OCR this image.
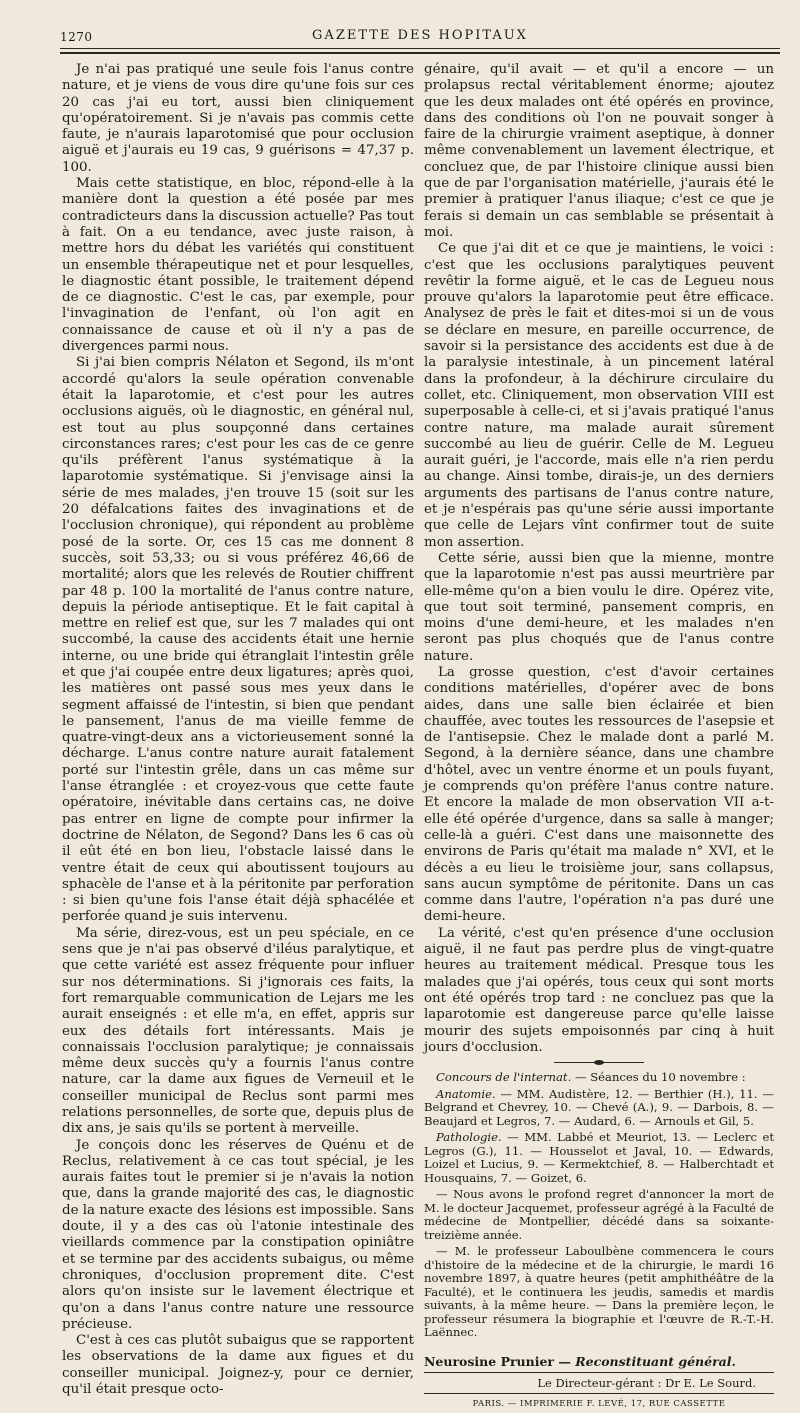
1270	GAZETTE DES HOPITAUX

Je n'ai pas pratiqué une seule fois l'anus contre nature, et je viens de vous dire qu'une fois sur ces 20 cas j'ai eu tort, aussi bien cliniquement qu'opératoirement. Si je n'avais pas commis cette faute, je n'aurais laparotomisé que pour occlusion aiguë et j'aurais eu 19 cas, 9 guérisons = 47,37 p. 100.

Mais cette statistique, en bloc, répond-elle à la manière dont la question a été posée par mes contradicteurs dans la discussion actuelle? Pas tout à fait. On a eu tendance, avec juste raison, à mettre hors du débat les variétés qui constituent un ensemble thérapeutique net et pour lesquelles, le diagnostic étant possible, le traitement dépend de ce diagnostic. C'est le cas, par exemple, pour l'invagination de l'enfant, où l'on agit en connaissance de cause et où il n'y a pas de divergences parmi nous.

Si j'ai bien compris Nélaton et Segond, ils m'ont accordé qu'alors la seule opération convenable était la laparotomie, et c'est pour les autres occlusions aiguës, où le diagnostic, en général nul, est tout au plus soupçonné dans certaines circonstances rares; c'est pour les cas de ce genre qu'ils préfèrent l'anus systématique à la laparotomie systématique. Si j'envisage ainsi la série de mes malades, j'en trouve 15 (soit sur les 20 défalcations faites des invaginations et de l'occlusion chronique), qui répondent au problème posé de la sorte. Or, ces 15 cas me donnent 8 succès, soit 53,33; ou si vous préférez 46,66 de mortalité; alors que les relevés de Routier chiffrent par 48 p. 100 la mortalité de l'anus contre nature, depuis la période antiseptique. Et le fait capital à mettre en relief est que, sur les 7 malades qui ont succombé, la cause des accidents était une hernie interne, ou une bride qui étranglait l'intestin grêle et que j'ai coupée entre deux ligatures; après quoi, les matières ont passé sous mes yeux dans le segment affaissé de l'intestin, si bien que pendant le pansement, l'anus de ma vieille femme de quatre-vingt-deux ans a victorieusement sonné la décharge. L'anus contre nature aurait fatalement porté sur l'intestin grêle, dans un cas même sur l'anse étranglée : et croyez-vous que cette faute opératoire, inévitable dans certains cas, ne doive pas entrer en ligne de compte pour infirmer la doctrine de Nélaton, de Segond? Dans les 6 cas où il eût été en bon lieu, l'obstacle laissé dans le ventre était de ceux qui aboutissent toujours au sphacèle de l'anse et à la péritonite par perforation : si bien qu'une fois l'anse était déjà sphacélée et perforée quand je suis intervenu.

Ma série, direz-vous, est un peu spéciale, en ce sens que je n'ai pas observé d'iléus paralytique, et que cette variété est assez fréquente pour influer sur nos déterminations. Si j'ignorais ces faits, la fort remarquable communication de Lejars me les aurait enseignés : et elle m'a, en effet, appris sur eux des détails fort intéressants. Mais je connaissais l'occlusion paralytique; je connaissais même deux succès qu'y a fournis l'anus contre nature, car la dame aux figues de Verneuil et le conseiller municipal de Reclus sont parmi mes relations personnelles, de sorte que, depuis plus de dix ans, je sais qu'ils se portent à merveille.

Je conçois donc les réserves de Quénu et de Reclus, relativement à ce cas tout spécial, je les aurais faites tout le premier si je n'avais la notion que, dans la grande majorité des cas, le diagnostic de la nature exacte des lésions est impossible. Sans doute, il y a des cas où l'atonie intestinale des vieillards commence par la constipation opiniâtre et se termine par des accidents subaigus, ou même chroniques, d'occlusion proprement dite. C'est alors qu'on insiste sur le lavement électrique et qu'on a dans l'anus contre nature une ressource précieuse.

C'est à ces cas plutôt subaigus que se rapportent les observations de la dame aux figues et du conseiller municipal. Joignez-y, pour ce dernier, qu'il était presque octo-

génaire, qu'il avait — et qu'il a encore — un prolapsus rectal véritablement énorme; ajoutez que les deux malades ont été opérés en province, dans des conditions où l'on ne pouvait songer à faire de la chirurgie vraiment aseptique, à donner même convenablement un lavement électrique, et concluez que, de par l'histoire clinique aussi bien que de par l'organisation matérielle, j'aurais été le premier à pratiquer l'anus iliaque; c'est ce que je ferais si demain un cas semblable se présentait à moi.

Ce que j'ai dit et ce que je maintiens, le voici : c'est que les occlusions paralytiques peuvent revêtir la forme aiguë, et le cas de Legueu nous prouve qu'alors la laparotomie peut être efficace. Analysez de près le fait et dites-moi si un de vous se déclare en mesure, en pareille occurrence, de savoir si la persistance des accidents est due à de la paralysie intestinale, à un pincement latéral dans la profondeur, à la déchirure circulaire du collet, etc. Cliniquement, mon observation VIII est superposable à celle-ci, et si j'avais pratiqué l'anus contre nature, ma malade aurait sûrement succombé au lieu de guérir. Celle de M. Legueu aurait guéri, je l'accorde, mais elle n'a rien perdu au change. Ainsi tombe, dirais-je, un des derniers arguments des partisans de l'anus contre nature, et je n'espérais pas qu'une série aussi importante que celle de Lejars vînt confirmer tout de suite mon assertion.

Cette série, aussi bien que la mienne, montre que la laparotomie n'est pas aussi meurtrière par elle-même qu'on a bien voulu le dire. Opérez vite, que tout soit terminé, pansement compris, en moins d'une demi-heure, et les malades n'en seront pas plus choqués que de l'anus contre nature.

La grosse question, c'est d'avoir certaines conditions matérielles, d'opérer avec de bons aides, dans une salle bien éclairée et bien chauffée, avec toutes les ressources de l'asepsie et de l'antisepsie. Chez le malade dont a parlé M. Segond, à la dernière séance, dans une chambre d'hôtel, avec un ventre énorme et un pouls fuyant, je comprends qu'on préfère l'anus contre nature. Et encore la malade de mon observation VII a-t-elle été opérée d'urgence, dans sa salle à manger; celle-là a guéri. C'est dans une maisonnette des environs de Paris qu'était ma malade n° XVI, et le décès a eu lieu le troisième jour, sans collapsus, sans aucun symptôme de péritonite. Dans un cas comme dans l'autre, l'opération n'a pas duré une demi-heure.

La vérité, c'est qu'en présence d'une occlusion aiguë, il ne faut pas perdre plus de vingt-quatre heures au traitement médical. Presque tous les malades que j'ai opérés, tous ceux qui sont morts ont été opérés trop tard : ne concluez pas que la laparotomie est dangereuse parce qu'elle laisse mourir des sujets empoisonnés par cinq à huit jours d'occlusion.

Concours de l'internat. — Séances du 10 novembre :

Anatomie. — MM. Audistère, 12. — Berthier (H.), 11. — Belgrand et Chevrey, 10. — Chevé (A.), 9. — Darbois, 8. — Beaujard et Legros, 7. — Audard, 6. — Arnouls et Gil, 5.

Pathologie. — MM. Labbé et Meuriot, 13. — Leclerc et Legros (G.), 11. — Housselot et Javal, 10. — Edwards, Loizel et Lucius, 9. — Kermektchief, 8. — Halberchtadt et Housquains, 7. — Goizet, 6.

— Nous avons le profond regret d'annoncer la mort de M. le docteur Jacquemet, professeur agrégé à la Faculté de médecine de Montpellier, décédé dans sa soixante-treizième année.

— M. le professeur Laboulbène commencera le cours d'histoire de la médecine et de la chirurgie, le mardi 16 novembre 1897, à quatre heures (petit amphithéâtre de la Faculté), et le continuera les jeudis, samedis et mardis suivants, à la même heure. — Dans la première leçon, le professeur résumera la biographie et l'œuvre de R.-T.-H. Laënnec.

Neurosine Prunier — Reconstituant général.
Le Directeur-gérant : Dr E. Le Sourd.
PARIS. — IMPRIMERIE F. LEVÉ, 17, RUE CASSETTE
